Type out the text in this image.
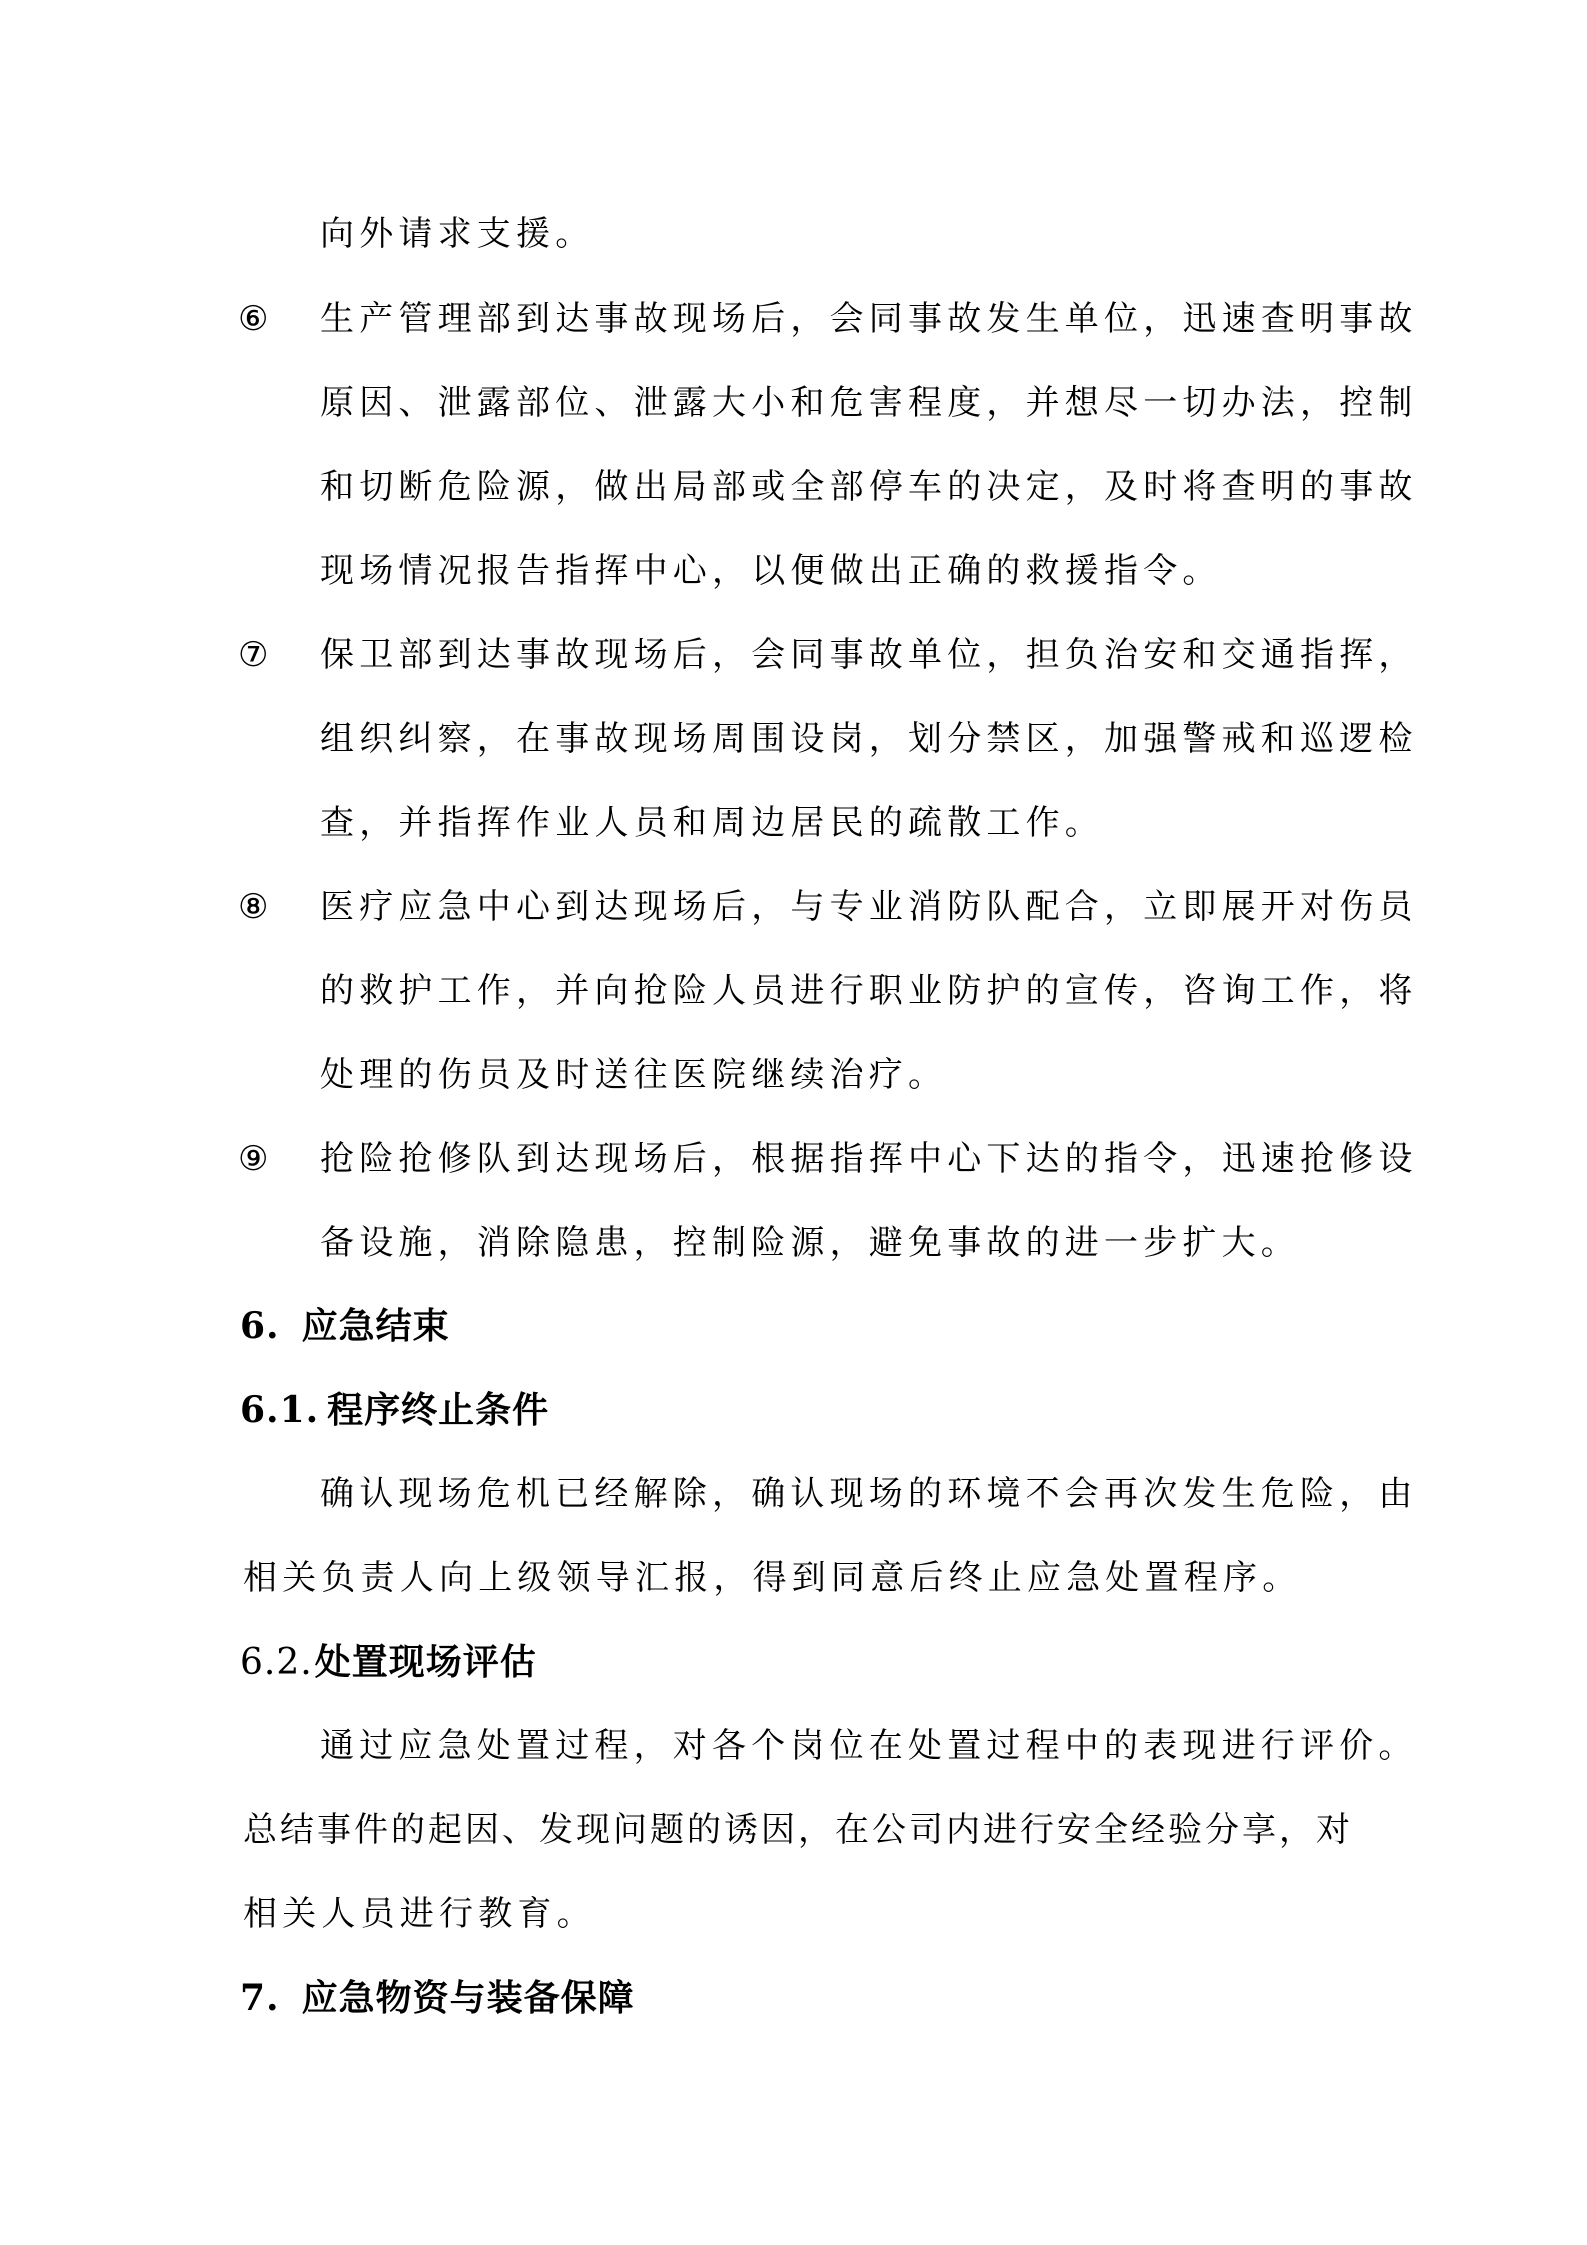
向外请求支援。
⑥ 生产管理部到达事故现场后，会同事故发生单位，迅速查明事故
原因、泄露部位、泄露大小和危害程度，并想尽一切办法，控制
和切断危险源，做出局部或全部停车的决定，及时将查明的事故
现场情况报告指挥中心，以便做出正确的救援指令。
⑦ 保卫部到达事故现场后，会同事故单位，担负治安和交通指挥，
组织纠察，在事故现场周围设岗，划分禁区，加强警戒和巡逻检
查，并指挥作业人员和周边居民的疏散工作。
⑧ 医疗应急中心到达现场后，与专业消防队配合，立即展开对伤员
的救护工作，并向抢险人员进行职业防护的宣传，咨询工作，将
处理的伤员及时送往医院继续治疗。
⑨ 抢险抢修队到达现场后，根据指挥中心下达的指令，迅速抢修设
备设施，消除隐患，控制险源，避免事故的进一步扩大。
6. 应急结束
6.1. 程序终止条件
确认现场危机已经解除，确认现场的环境不会再次发生危险，由
相关负责人向上级领导汇报，得到同意后终止应急处置程序。
6.2.处置现场评估
通过应急处置过程，对各个岗位在处置过程中的表现进行评价。
总结事件的起因、发现问题的诱因，在公司内进行安全经验分享，对
相关人员进行教育。
7. 应急物资与装备保障
